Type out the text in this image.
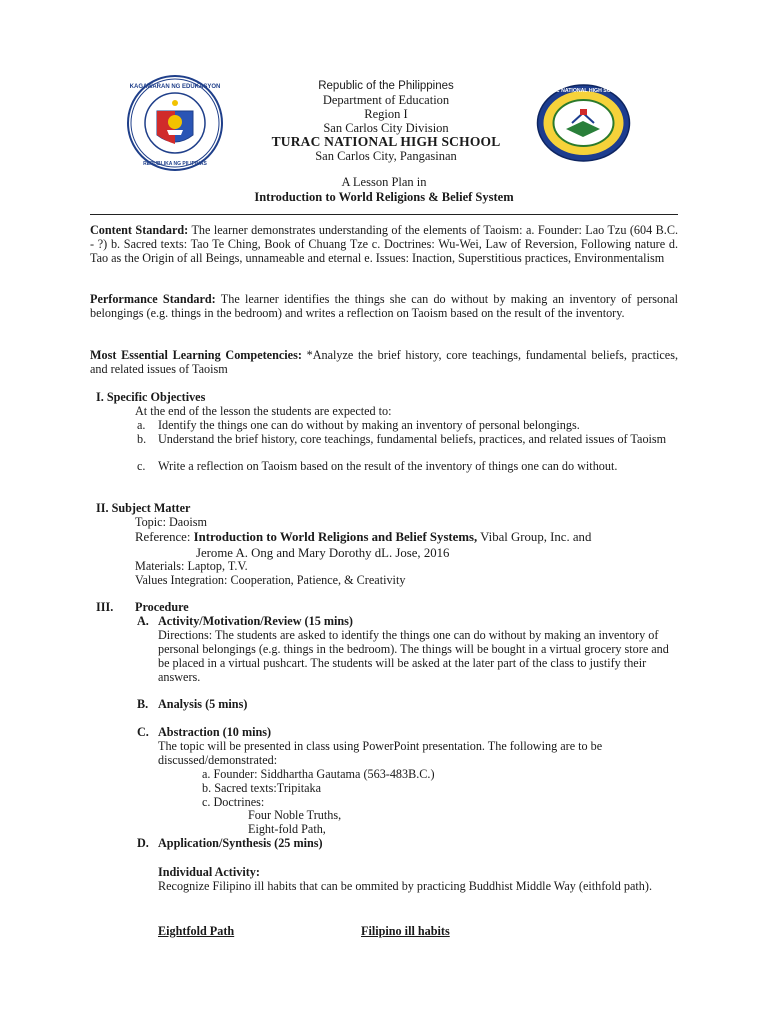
KAGAWARAN NG EDUKASYON
REPUBLIKA NG PILIPINAS
TURAC NATIONAL HIGH SCHOOL
Republic of the Philippines
Department of Education
Region I
San Carlos City Division
TURAC NATIONAL HIGH SCHOOL
San Carlos City, Pangasinan
A Lesson Plan in
Introduction to World Religions & Belief System
Content Standard: The learner demonstrates understanding of the elements of Taoism: a. Founder: Lao Tzu (604 B.C. - ?) b. Sacred texts: Tao Te Ching, Book of Chuang Tze c. Doctrines: Wu-Wei, Law of Reversion, Following nature d. Tao as the Origin of all Beings, unnameable and eternal e. Issues: Inaction, Superstitious practices, Environmentalism
Performance Standard: The learner identifies the things she can do without by making an inventory of personal belongings (e.g. things in the bedroom) and writes a reflection on Taoism based on the result of the inventory.
Most Essential Learning Competencies: *Analyze the brief history, core teachings, fundamental beliefs, practices, and related issues of Taoism
I. Specific Objectives
At the end of the lesson the students are expected to:
a. Identify the things one can do without by making an inventory of personal belongings.
b. Understand the brief history, core teachings, fundamental beliefs, practices, and related issues of Taoism
c. Write a reflection on Taoism based on the result of the inventory of things one can do without.
II. Subject Matter
Topic: Daoism
Reference: Introduction to World Religions and Belief Systems, Vibal Group, Inc. and
Jerome A. Ong and Mary Dorothy dL. Jose, 2016
Materials: Laptop, T.V.
Values Integration: Cooperation, Patience, & Creativity
III. Procedure
A. Activity/Motivation/Review (15 mins)
Directions: The students are asked to identify the things one can do without by making an inventory of personal belongings (e.g. things in the bedroom). The things will be bought in a virtual grocery store and be placed in a virtual pushcart. The students will be asked at the later part of the class to justify their answers.
B. Analysis (5 mins)
C. Abstraction (10 mins)
The topic will be presented in class using PowerPoint presentation. The following are to be discussed/demonstrated:
a. Founder: Siddhartha Gautama (563-483B.C.)
b. Sacred texts:Tripitaka
c. Doctrines:
Four Noble Truths,
Eight-fold Path,
D. Application/Synthesis (25 mins)
Individual Activity:
Recognize Filipino ill habits that can be ommited by practicing Buddhist Middle Way (eithfold path).
Eightfold Path	Filipino ill habits
